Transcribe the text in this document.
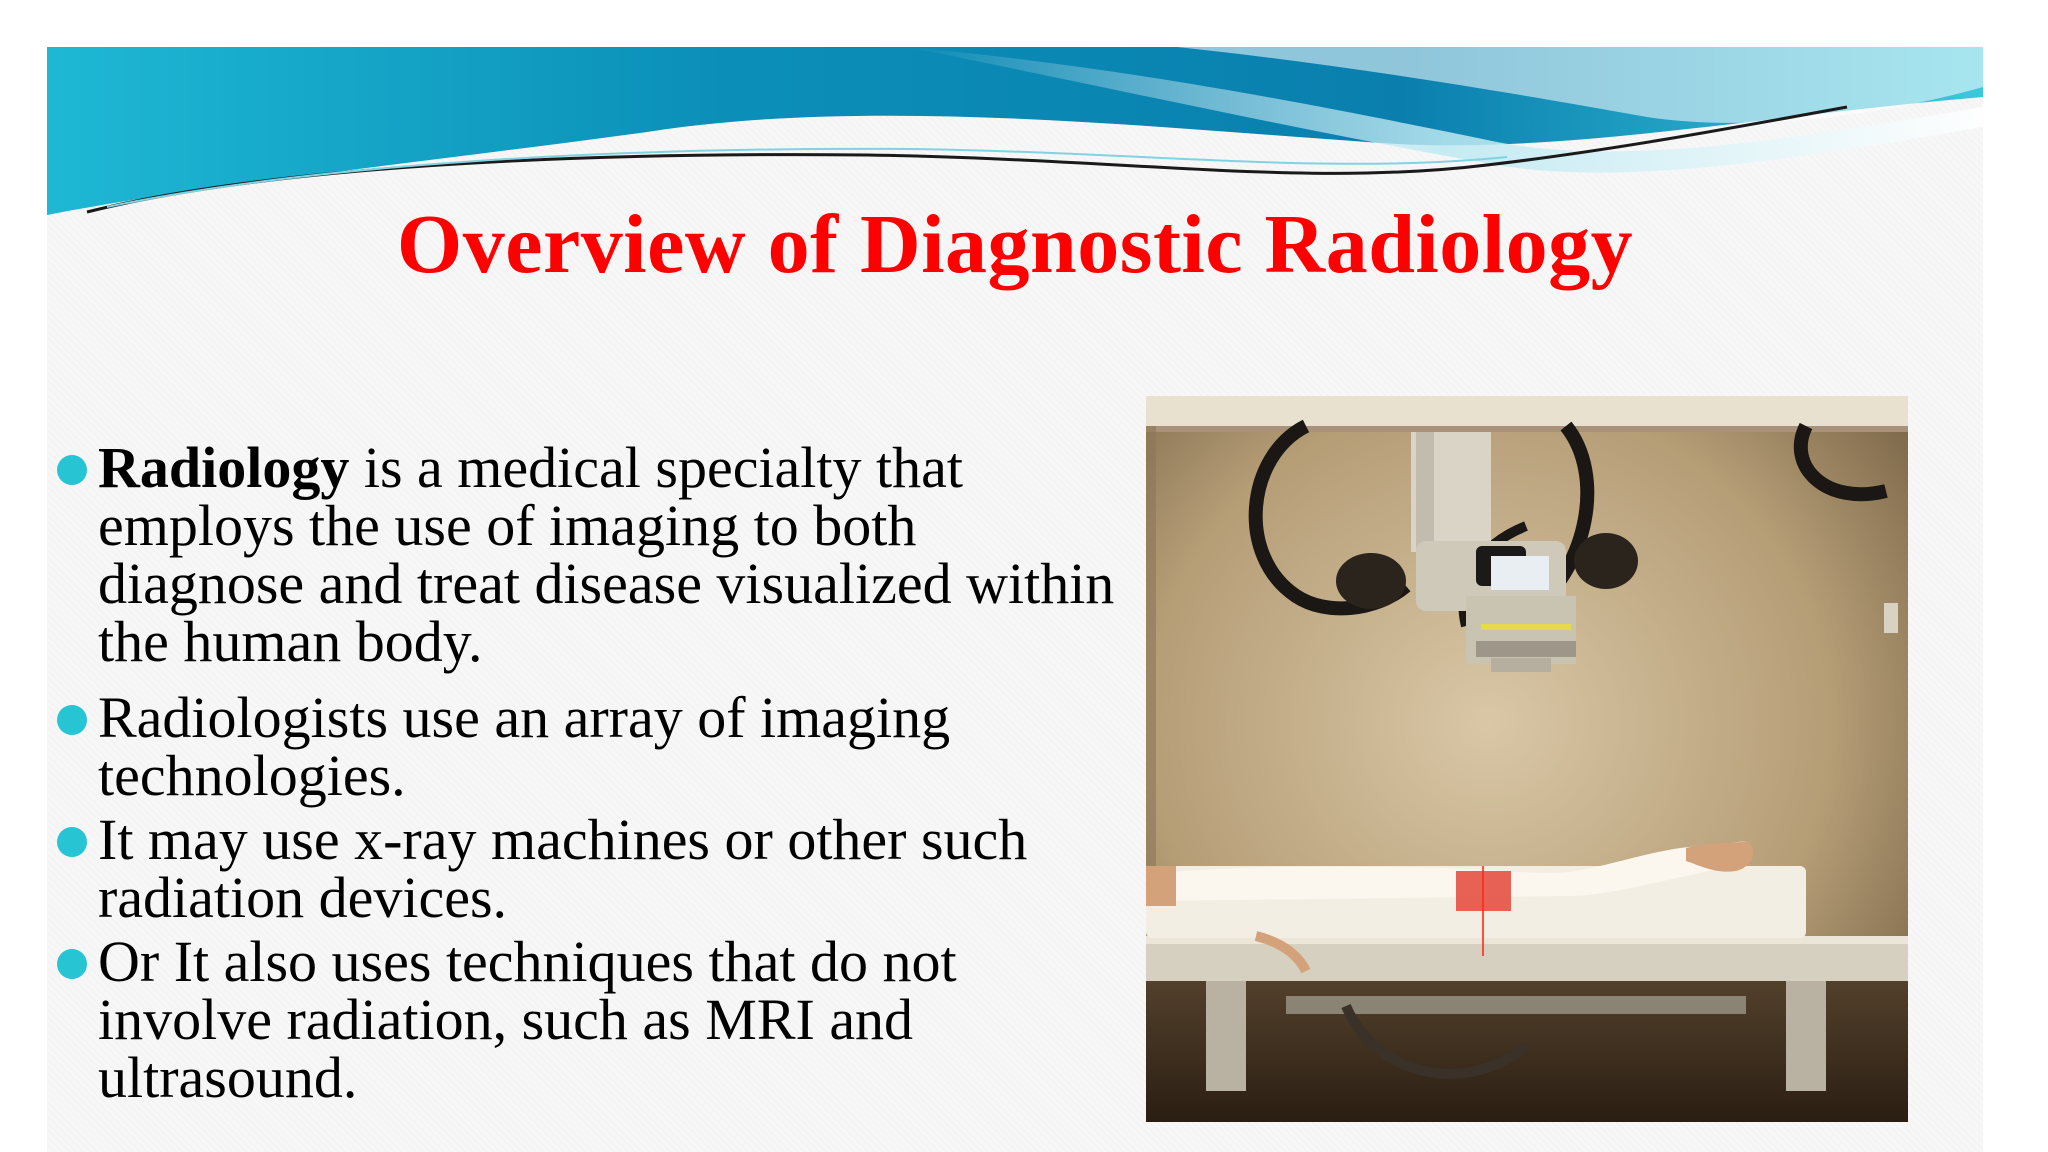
Overview of Diagnostic Radiology
Radiology is a medical specialty that employs the use of imaging to both diagnose and treat disease visualized within the human body.
Radiologists use an array of imaging technologies.
It may use x-ray machines or other such radiation devices.
Or It also uses techniques that do not involve radiation, such as MRI and ultrasound.
